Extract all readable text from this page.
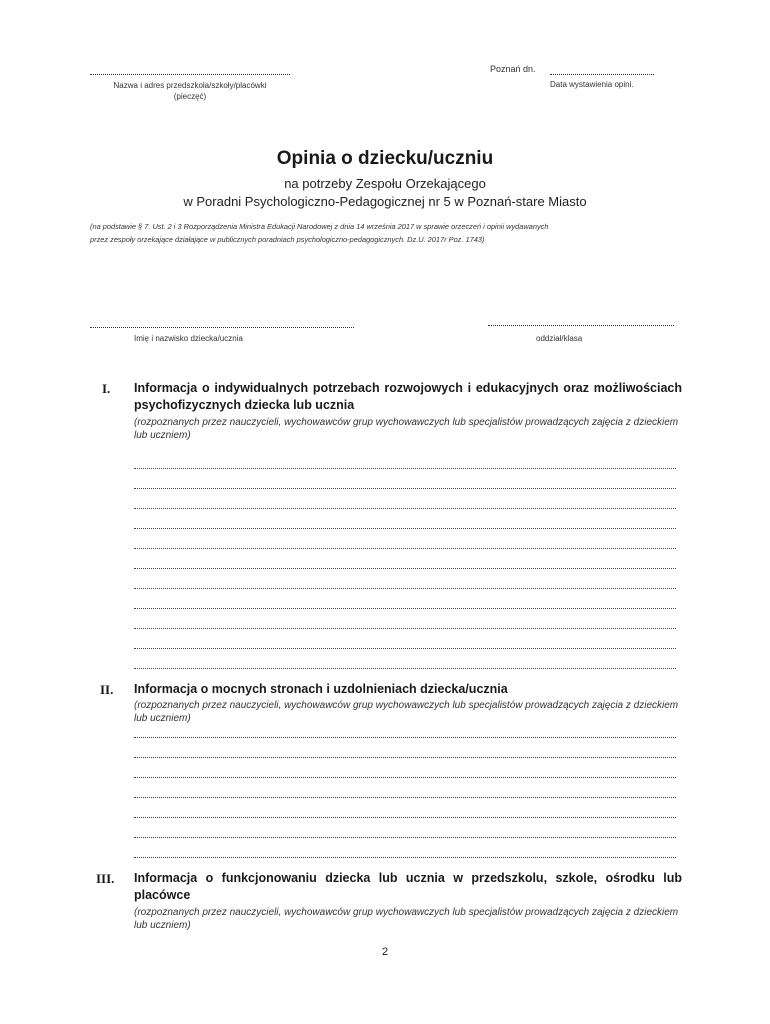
Nazwa i adres przedszkola/szkoły/placówki
(pieczęć)
Poznań dn.
Data wystawienia opini.
Opinia o dziecku/uczniu
na potrzeby Zespołu Orzekającego
w Poradni Psychologiczno-Pedagogicznej nr 5 w Poznań-stare Miasto
(na podstawie § 7. Ust. 2 i 3 Rozporządzenia Ministra Edukacji Narodowej z dnia 14 września 2017 w sprawie orzeczeń i opinii wydawanych
przez zespoły orzekające działające w publicznych poradniach psychologiczno-pedagogicznych. Dz.U. 2017r Poz. 1743)
Imię i nazwisko dziecka/ucznia	oddział/klasa
I. Informacja o indywidualnych potrzebach rozwojowych i edukacyjnych oraz możliwościach psychofizycznych dziecka lub ucznia
(rozpoznanych przez nauczycieli, wychowawców grup wychowawczych lub specjalistów prowadzących zajęcia z dzieckiem lub uczniem)
II. Informacja o mocnych stronach i uzdolnieniach dziecka/ucznia
(rozpoznanych przez nauczycieli, wychowawców grup wychowawczych lub specjalistów prowadzących zajęcia z dzieckiem lub uczniem)
III. Informacja o funkcjonowaniu dziecka lub ucznia w przedszkolu, szkole, ośrodku lub placówce
(rozpoznanych przez nauczycieli, wychowawców grup wychowawczych lub specjalistów prowadzących zajęcia z dzieckiem lub uczniem)
2
